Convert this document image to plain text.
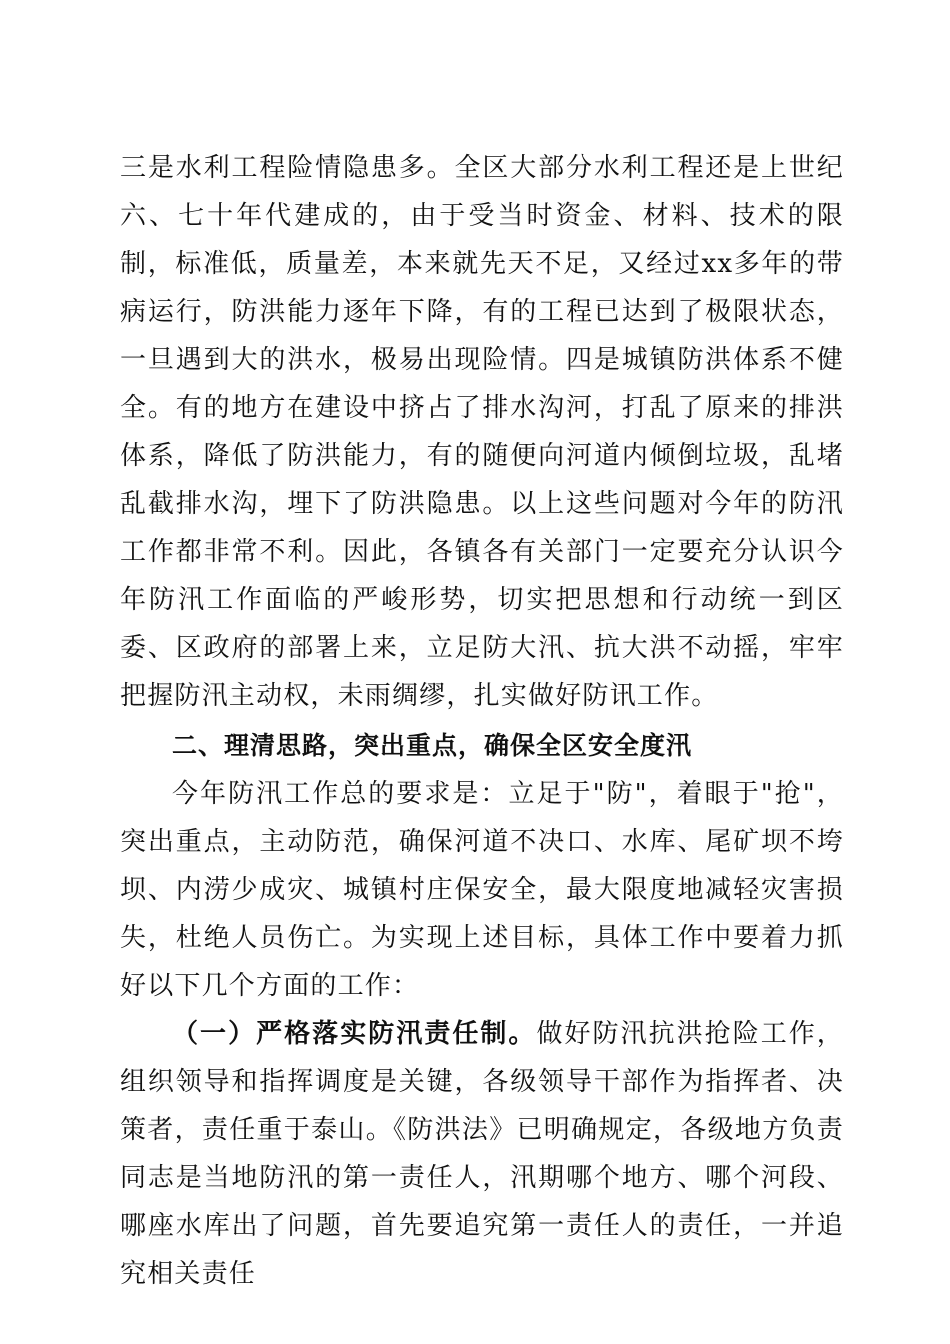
三是水利工程险情隐患多。全区大部分水利工程还是上世纪六、七十年代建成的，由于受当时资金、材料、技术的限制，标准低，质量差，本来就先天不足，又经过xx多年的带病运行，防洪能力逐年下降，有的工程已达到了极限状态，一旦遇到大的洪水，极易出现险情。四是城镇防洪体系不健全。有的地方在建设中挤占了排水沟河，打乱了原来的排洪体系，降低了防洪能力，有的随便向河道内倾倒垃圾，乱堵乱截排水沟，埋下了防洪隐患。以上这些问题对今年的防汛工作都非常不利。因此，各镇各有关部门一定要充分认识今年防汛工作面临的严峻形势，切实把思想和行动统一到区委、区政府的部署上来，立足防大汛、抗大洪不动摇，牢牢把握防汛主动权，未雨绸缪，扎实做好防讯工作。

二、理清思路，突出重点，确保全区安全度汛

今年防汛工作总的要求是：立足于"防"，着眼于"抢"，突出重点，主动防范，确保河道不决口、水库、尾矿坝不垮坝、内涝少成灾、城镇村庄保安全，最大限度地减轻灾害损失，杜绝人员伤亡。为实现上述目标，具体工作中要着力抓好以下几个方面的工作：

（一）严格落实防汛责任制。做好防汛抗洪抢险工作，组织领导和指挥调度是关键，各级领导干部作为指挥者、决策者，责任重于泰山。《防洪法》已明确规定，各级地方负责同志是当地防汛的第一责任人，汛期哪个地方、哪个河段、哪座水库出了问题，首先要追究第一责任人的责任，一并追究相关责任
